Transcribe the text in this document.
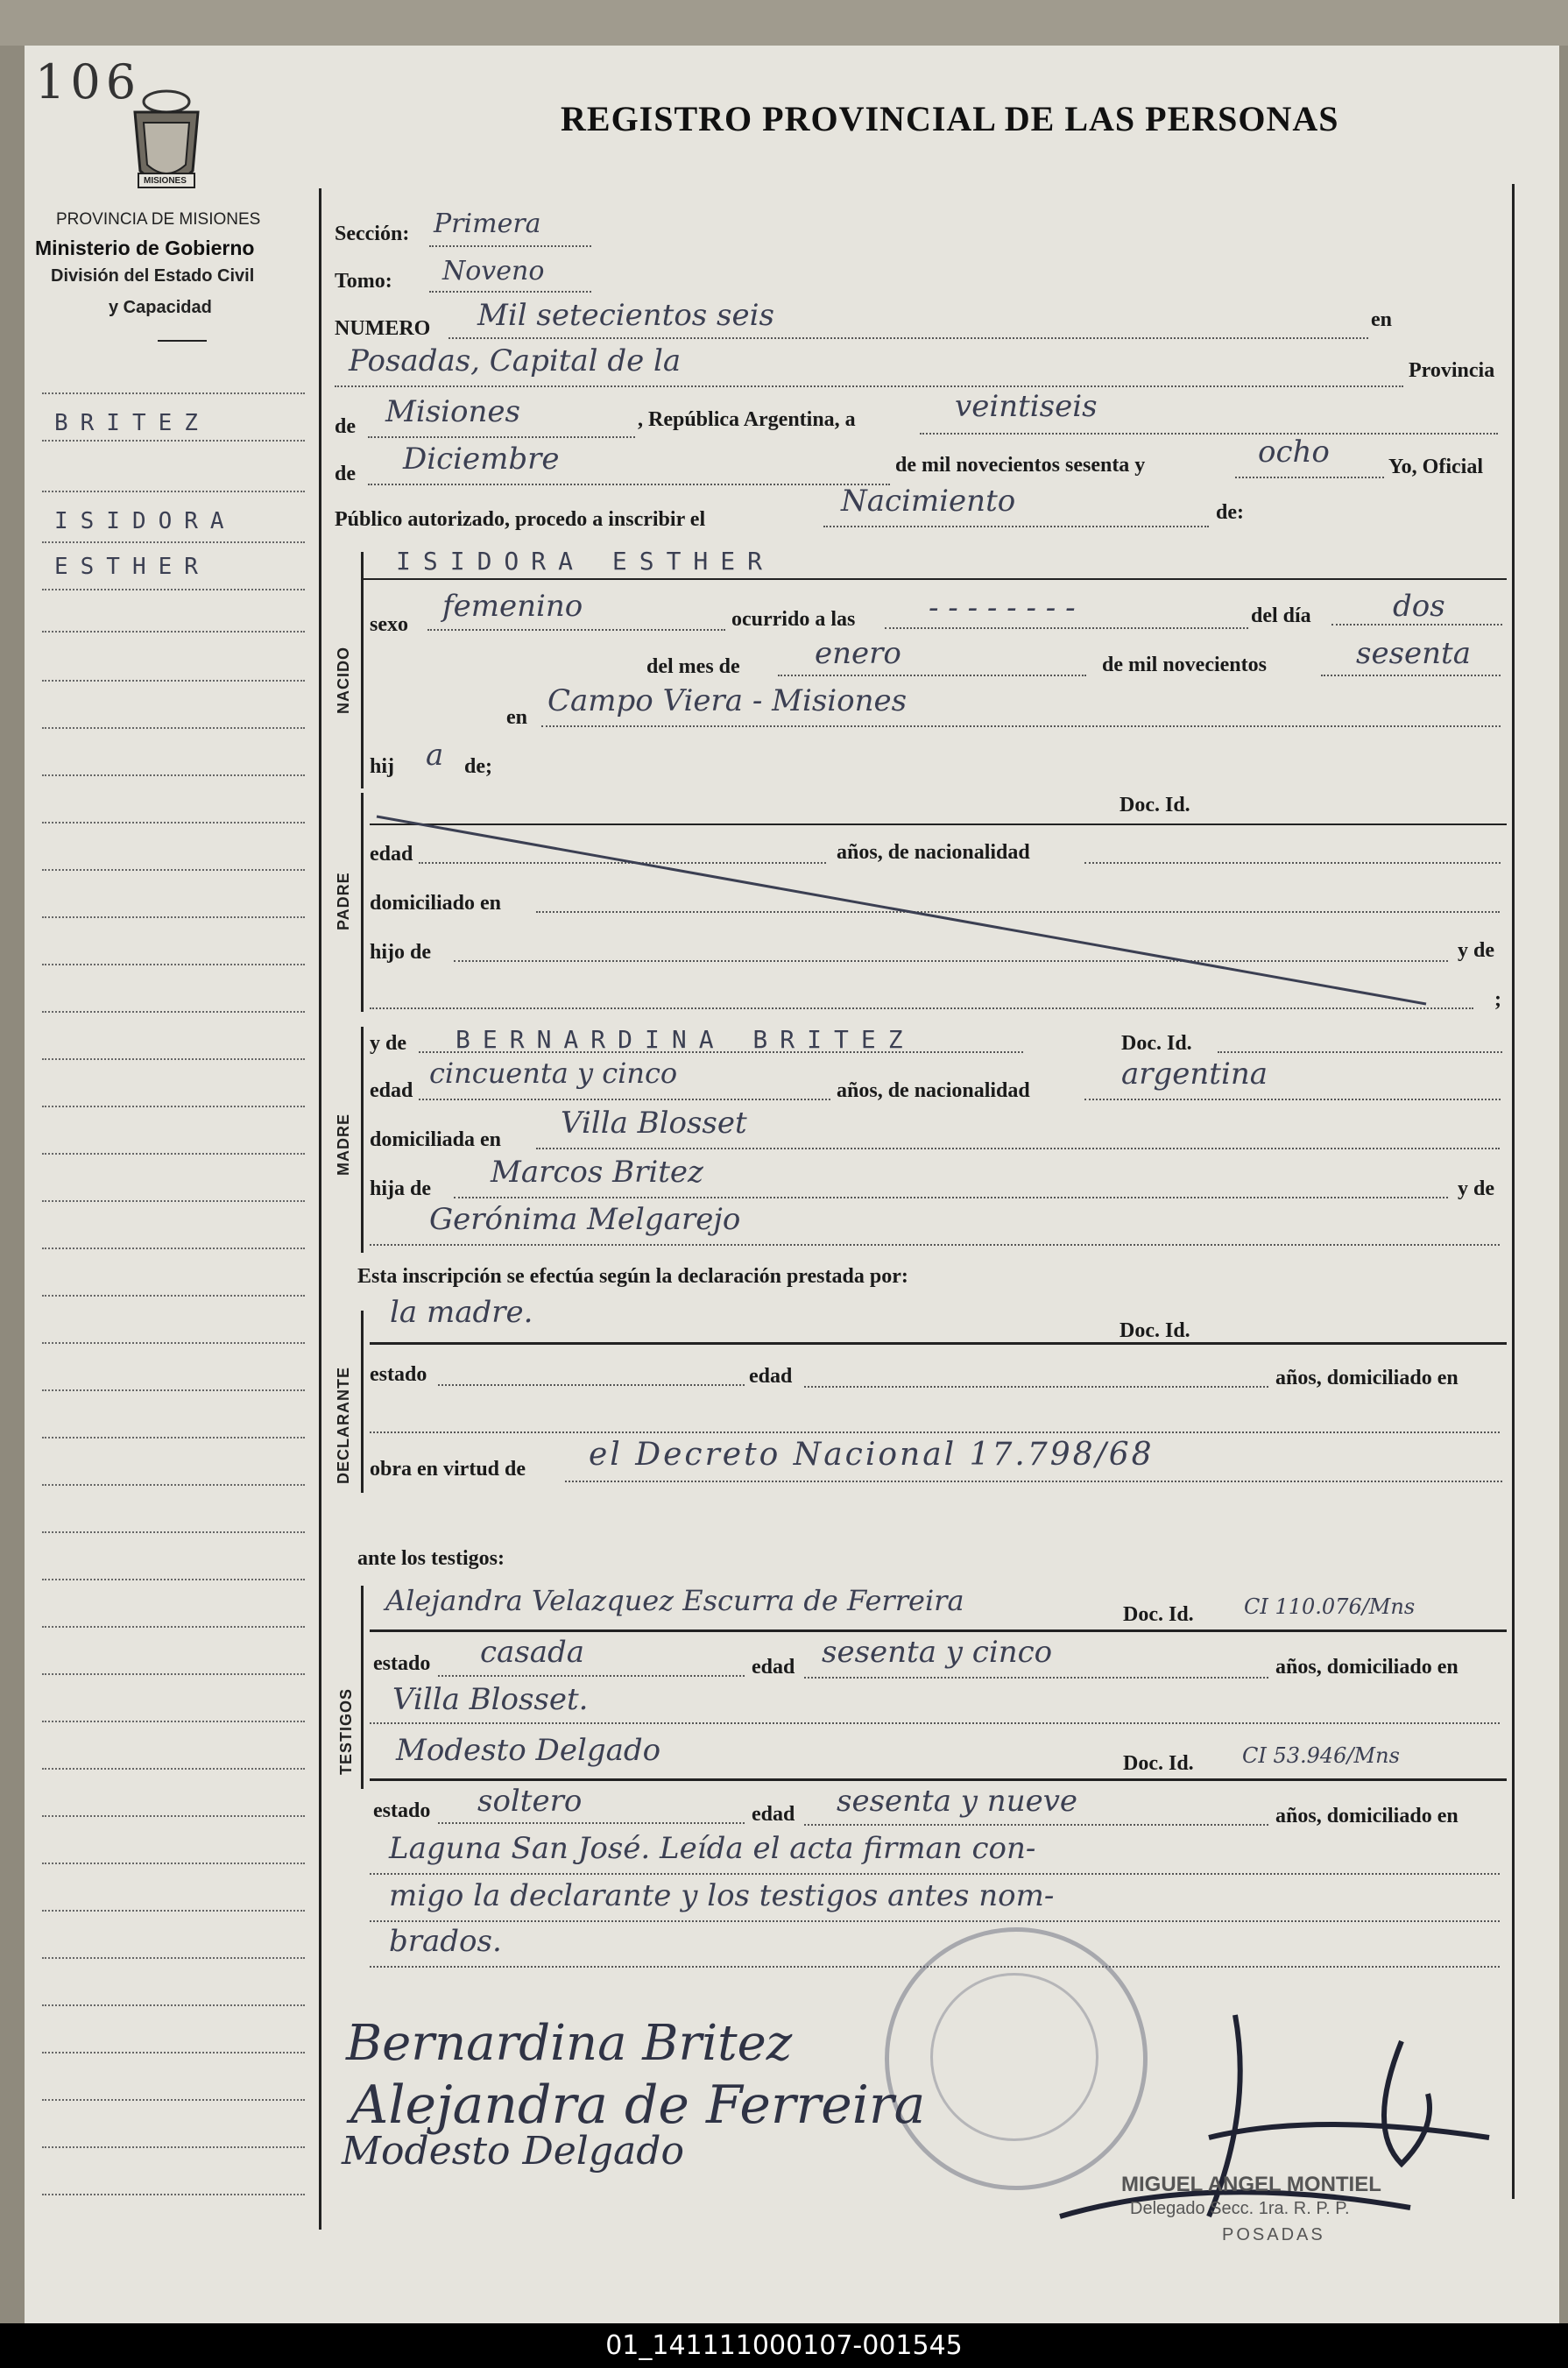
106
MISIONES
REGISTRO PROVINCIAL DE LAS PERSONAS
PROVINCIA DE MISIONES
Ministerio de Gobierno
División del Estado Civil
y Capacidad
BRITEZ
ISIDORA
ESTHER
Sección: Primera
Tomo: Noveno
NUMERO Mil setecientos seis	en
Posadas, Capital de la	Provincia
de Misiones	, República Argentina, a	veintiseis
de Diciembre	de mil novecientos sesenta y	ocho	Yo, Oficial
Público autorizado, procedo a inscribir el
Nacimiento	de:
NACIDO
ISIDORA ESTHER
sexo
femenino	ocurrido a las - - - - - - - -	del día	dos
del mes de	enero	de mil novecientos	sesenta
en Campo Viera - Misiones
hij a de;
PADRE
Doc. Id.
edad	años, de nacionalidad
domiciliado en
hijo de	y de
;
MADRE
y de BERNARDINA BRITEZ	Doc. Id.
edad
cincuenta y cinco
años, de nacionalidad	argentina
domiciliada en Villa Blosset
hija de Marcos Britez	y de
Gerónima Melgarejo
Esta inscripción se efectúa según la declaración prestada por:
DECLARANTE
la madre.
Doc. Id.
estado	edad	años, domiciliado en
obra en virtud de el Decreto Nacional 17.798/68
ante los testigos:
TESTIGOS
Alejandra Velazquez Escurra de Ferreira	Doc. Id. CI 110.076/Mns
estado casada	edad sesenta y cinco	años, domiciliado en
Villa Blosset.
Modesto Delgado	Doc. Id. CI 53.946/Mns
estado soltero	edad sesenta y nueve	años, domiciliado en
Laguna San José. Leída el acta firman con-
migo la declarante y los testigos antes nom-
brados.
Bernardina Britez
Alejandra de Ferreira
Modesto Delgado
MIGUEL ANGEL MONTIEL
Delegado Secc. 1ra. R. P. P.
POSADAS
01_141111000107-001545
